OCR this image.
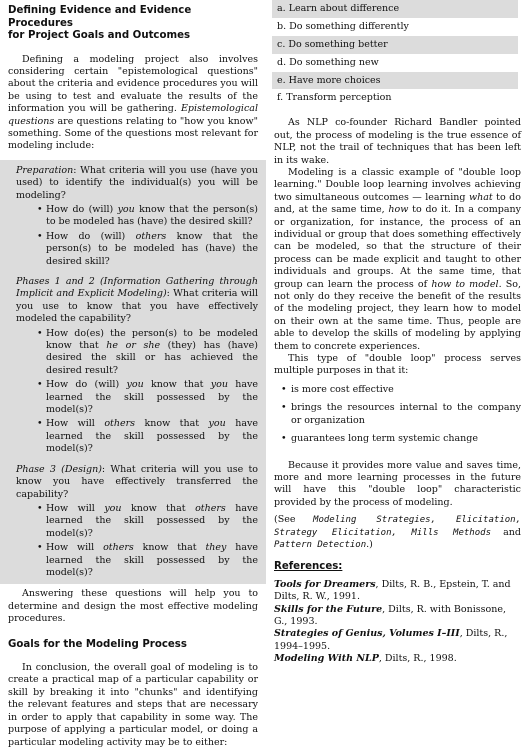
Defining Evidence and Evidence Procedures
for Project Goals and Outcomes

Defining a modeling project also involves considering certain "epistemological questions" about the criteria and evidence procedures you will be using to test and evaluate the results of the information you will be gathering. Epistemological questions are questions relating to "how you know" something. Some of the questions most relevant for modeling include:

Preparation: What criteria will you use (have you used) to identify the individual(s) you will be modeling?

• How do (will) you know that the person(s) to be modeled has (have) the desired skill?

• How do (will) others know that the person(s) to be modeled has (have) the desired skill?

Phases 1 and 2 (Information Gathering through Implicit and Explicit Modeling): What criteria will you use to know that you have effectively modeled the capability?

• How do(es) the person(s) to be modeled know that he or she (they) has (have) desired the skill or has achieved the desired result?

• How do (will) you know that you have learned the skill possessed by the model(s)?

• How will others know that you have learned the skill possessed by the model(s)?

Phase 3 (Design): What criteria will you use to know you have effectively transferred the capability?

• How will you know that others have learned the skill possessed by the model(s)?

• How will others know that they have learned the skill possessed by the model(s)?

Answering these questions will help you to determine and design the most effective modeling procedures.

Goals for the Modeling Process

In conclusion, the overall goal of modeling is to create a practical map of a particular capability or skill by breaking it into "chunks" and identifying the relevant features and steps that are necessary in order to apply that capability in some way. The purpose of applying a particular model, or doing a particular modeling activity may be to either:

a. Learn about difference
b. Do something differently
c. Do something better
d. Do something new
e. Have more choices
f. Transform perception

As NLP co-founder Richard Bandler pointed out, the process of modeling is the true essence of NLP, not the trail of techniques that has been left in its wake.

Modeling is a classic example of "double loop learning." Double loop learning involves achieving two simultaneous outcomes — learning what to do and, at the same time, how to do it. In a company or organization, for instance, the process of an individual or group that does something effectively can be modeled, so that the structure of their process can be made explicit and taught to other individuals and groups. At the same time, that group can learn the process of how to model. So, not only do they receive the benefit of the results of the modeling project, they learn how to model on their own at the same time. Thus, people are able to develop the skills of modeling by applying them to concrete experiences.

This type of "double loop" process serves multiple purposes in that it:

• is more cost effective

• brings the resources internal to the company or organization

• guarantees long term systemic change

Because it provides more value and saves time, more and more learning processes in the future will have this "double loop" characteristic provided by the process of modeling.

(See Modeling Strategies, Elicitation, Strategy Elicitation, Mills Methods and Pattern Detection.)

References:

Tools for Dreamers, Dilts, R. B., Epstein, T. and Dilts, R. W., 1991.

Skills for the Future, Dilts, R. with Bonissone, G., 1993.

Strategies of Genius, Volumes I–III, Dilts, R., 1994–1995.

Modeling With NLP, Dilts, R., 1998.
